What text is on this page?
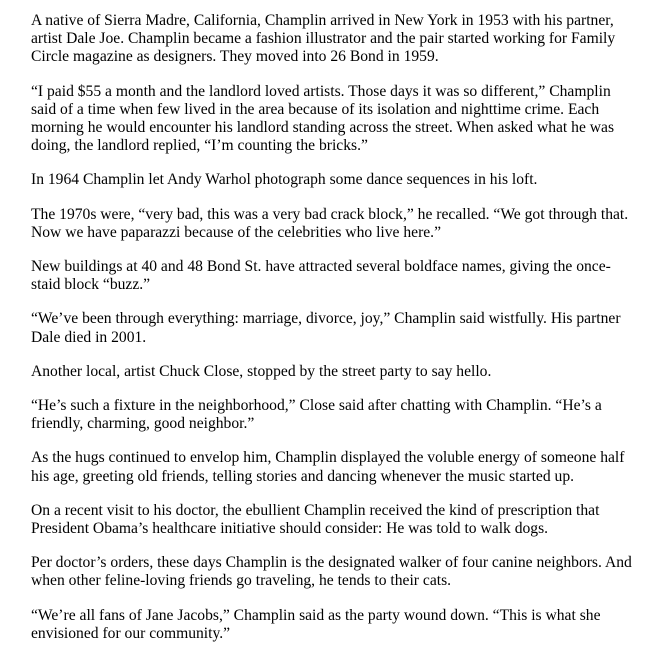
A native of Sierra Madre, California, Champlin arrived in New York in 1953 with his partner, artist Dale Joe. Champlin became a fashion illustrator and the pair started working for Family Circle magazine as designers. They moved into 26 Bond in 1959.

“I paid $55 a month and the landlord loved artists. Those days it was so different,” Champlin said of a time when few lived in the area because of its isolation and nighttime crime. Each morning he would encounter his landlord standing across the street. When asked what he was doing, the landlord replied, “I’m counting the bricks.”

In 1964 Champlin let Andy Warhol photograph some dance sequences in his loft.

The 1970s were, “very bad, this was a very bad crack block,” he recalled. “We got through that. Now we have paparazzi because of the celebrities who live here.”

New buildings at 40 and 48 Bond St. have attracted several boldface names, giving the once-staid block “buzz.”

“We’ve been through everything: marriage, divorce, joy,” Champlin said wistfully. His partner Dale died in 2001.

Another local, artist Chuck Close, stopped by the street party to say hello.

“He’s such a fixture in the neighborhood,” Close said after chatting with Champlin. “He’s a friendly, charming, good neighbor.”

As the hugs continued to envelop him, Champlin displayed the voluble energy of someone half his age, greeting old friends, telling stories and dancing whenever the music started up.

On a recent visit to his doctor, the ebullient Champlin received the kind of prescription that President Obama’s healthcare initiative should consider: He was told to walk dogs.

Per doctor’s orders, these days Champlin is the designated walker of four canine neighbors. And when other feline-loving friends go traveling, he tends to their cats.

“We’re all fans of Jane Jacobs,” Champlin said as the party wound down. “This is what she envisioned for our community.”
